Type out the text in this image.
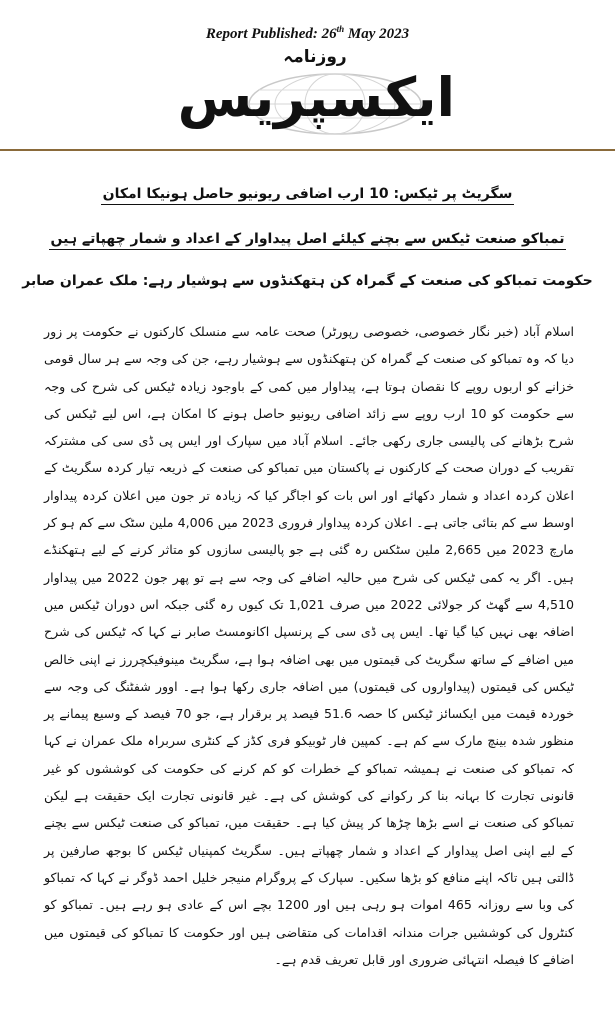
Report Published: 26th May 2023
روزنامہ
ایکسپریس
سگریٹ پر ٹیکس: 10 ارب اضافی ریونیو حاصل ہونیکا امکان
تمباکو صنعت ٹیکس سے بچنے کیلئے اصل پیداوار کے اعداد و شمار چھپاتے ہیں
حکومت تمباکو کی صنعت کے گمراہ کن ہتھکنڈوں سے ہوشیار رہے: ملک عمران صابر
اسلام آباد (خبر نگار خصوصی، خصوصی رپورٹر) صحت عامہ سے منسلک کارکنوں نے حکومت پر زور دیا کہ وہ تمباکو کی صنعت کے گمراہ کن ہتھکنڈوں سے ہوشیار رہے، جن کی وجہ سے ہر سال قومی خزانے کو اربوں روپے کا نقصان ہوتا ہے، پیداوار میں کمی کے باوجود زیادہ ٹیکس کی شرح کی وجہ سے حکومت کو 10 ارب روپے سے زائد اضافی ریونیو حاصل ہونے کا امکان ہے، اس لیے ٹیکس کی شرح بڑھانے کی پالیسی جاری رکھی جائے۔ اسلام آباد میں سپارک اور ایس پی ڈی سی کی مشترکہ تقریب کے دوران صحت کے کارکنوں نے پاکستان میں تمباکو کی صنعت کے ذریعہ تیار کردہ سگریٹ کے اعلان کردہ اعداد و شمار دکھائے اور اس بات کو اجاگر کیا کہ زیادہ تر جون میں اعلان کردہ پیداوار اوسط سے کم بتائی جاتی ہے۔ اعلان کردہ پیداوار فروری 2023 میں 4,006 ملین سٹک سے کم ہو کر مارچ 2023 میں 2,665 ملین سٹکس رہ گئی ہے جو پالیسی سازوں کو متاثر کرنے کے لیے ہتھکنڈے ہیں۔ اگر یہ کمی ٹیکس کی شرح میں حالیہ اضافے کی وجہ سے ہے تو پھر جون 2022 میں پیداوار 4,510 سے گھٹ کر جولائی 2022 میں صرف 1,021 تک کیوں رہ گئی جبکہ اس دوران ٹیکس میں اضافہ بھی نہیں کیا گیا تھا۔ ایس پی ڈی سی کے پرنسپل اکانومسٹ صابر نے کہا کہ ٹیکس کی شرح میں اضافے کے ساتھ سگریٹ کی قیمتوں میں بھی اضافہ ہوا ہے، سگریٹ مینوفیکچررز نے اپنی خالص ٹیکس کی قیمتوں (پیداواروں کی قیمتوں) میں اضافہ جاری رکھا ہوا ہے۔ اوور شفٹنگ کی وجہ سے خوردہ قیمت میں ایکسائز ٹیکس کا حصہ 51.6 فیصد پر برقرار ہے، جو 70 فیصد کے وسیع پیمانے پر منظور شدہ بینچ مارک سے کم ہے۔ کمپین فار ٹوبیکو فری کڈز کے کنٹری سربراہ ملک عمران نے کہا کہ تمباکو کی صنعت نے ہمیشہ تمباکو کے خطرات کو کم کرنے کی حکومت کی کوششوں کو غیر قانونی تجارت کا بہانہ بنا کر رکوانے کی کوشش کی ہے۔ غیر قانونی تجارت ایک حقیقت ہے لیکن تمباکو کی صنعت نے اسے بڑھا چڑھا کر پیش کیا ہے۔ حقیقت میں، تمباکو کی صنعت ٹیکس سے بچنے کے لیے اپنی اصل پیداوار کے اعداد و شمار چھپاتے ہیں۔ سگریٹ کمپنیاں ٹیکس کا بوجھ صارفین پر ڈالتی ہیں تاکہ اپنے منافع کو بڑھا سکیں۔ سپارک کے پروگرام منیجر خلیل احمد ڈوگر نے کہا کہ تمباکو کی وبا سے روزانہ 465 اموات ہو رہی ہیں اور 1200 بچے اس کے عادی ہو رہے ہیں۔ تمباکو کو کنٹرول کی کوششیں جرات مندانہ اقدامات کی متقاضی ہیں اور حکومت کا تمباکو کی قیمتوں میں اضافے کا فیصلہ انتہائی ضروری اور قابل تعریف قدم ہے۔
